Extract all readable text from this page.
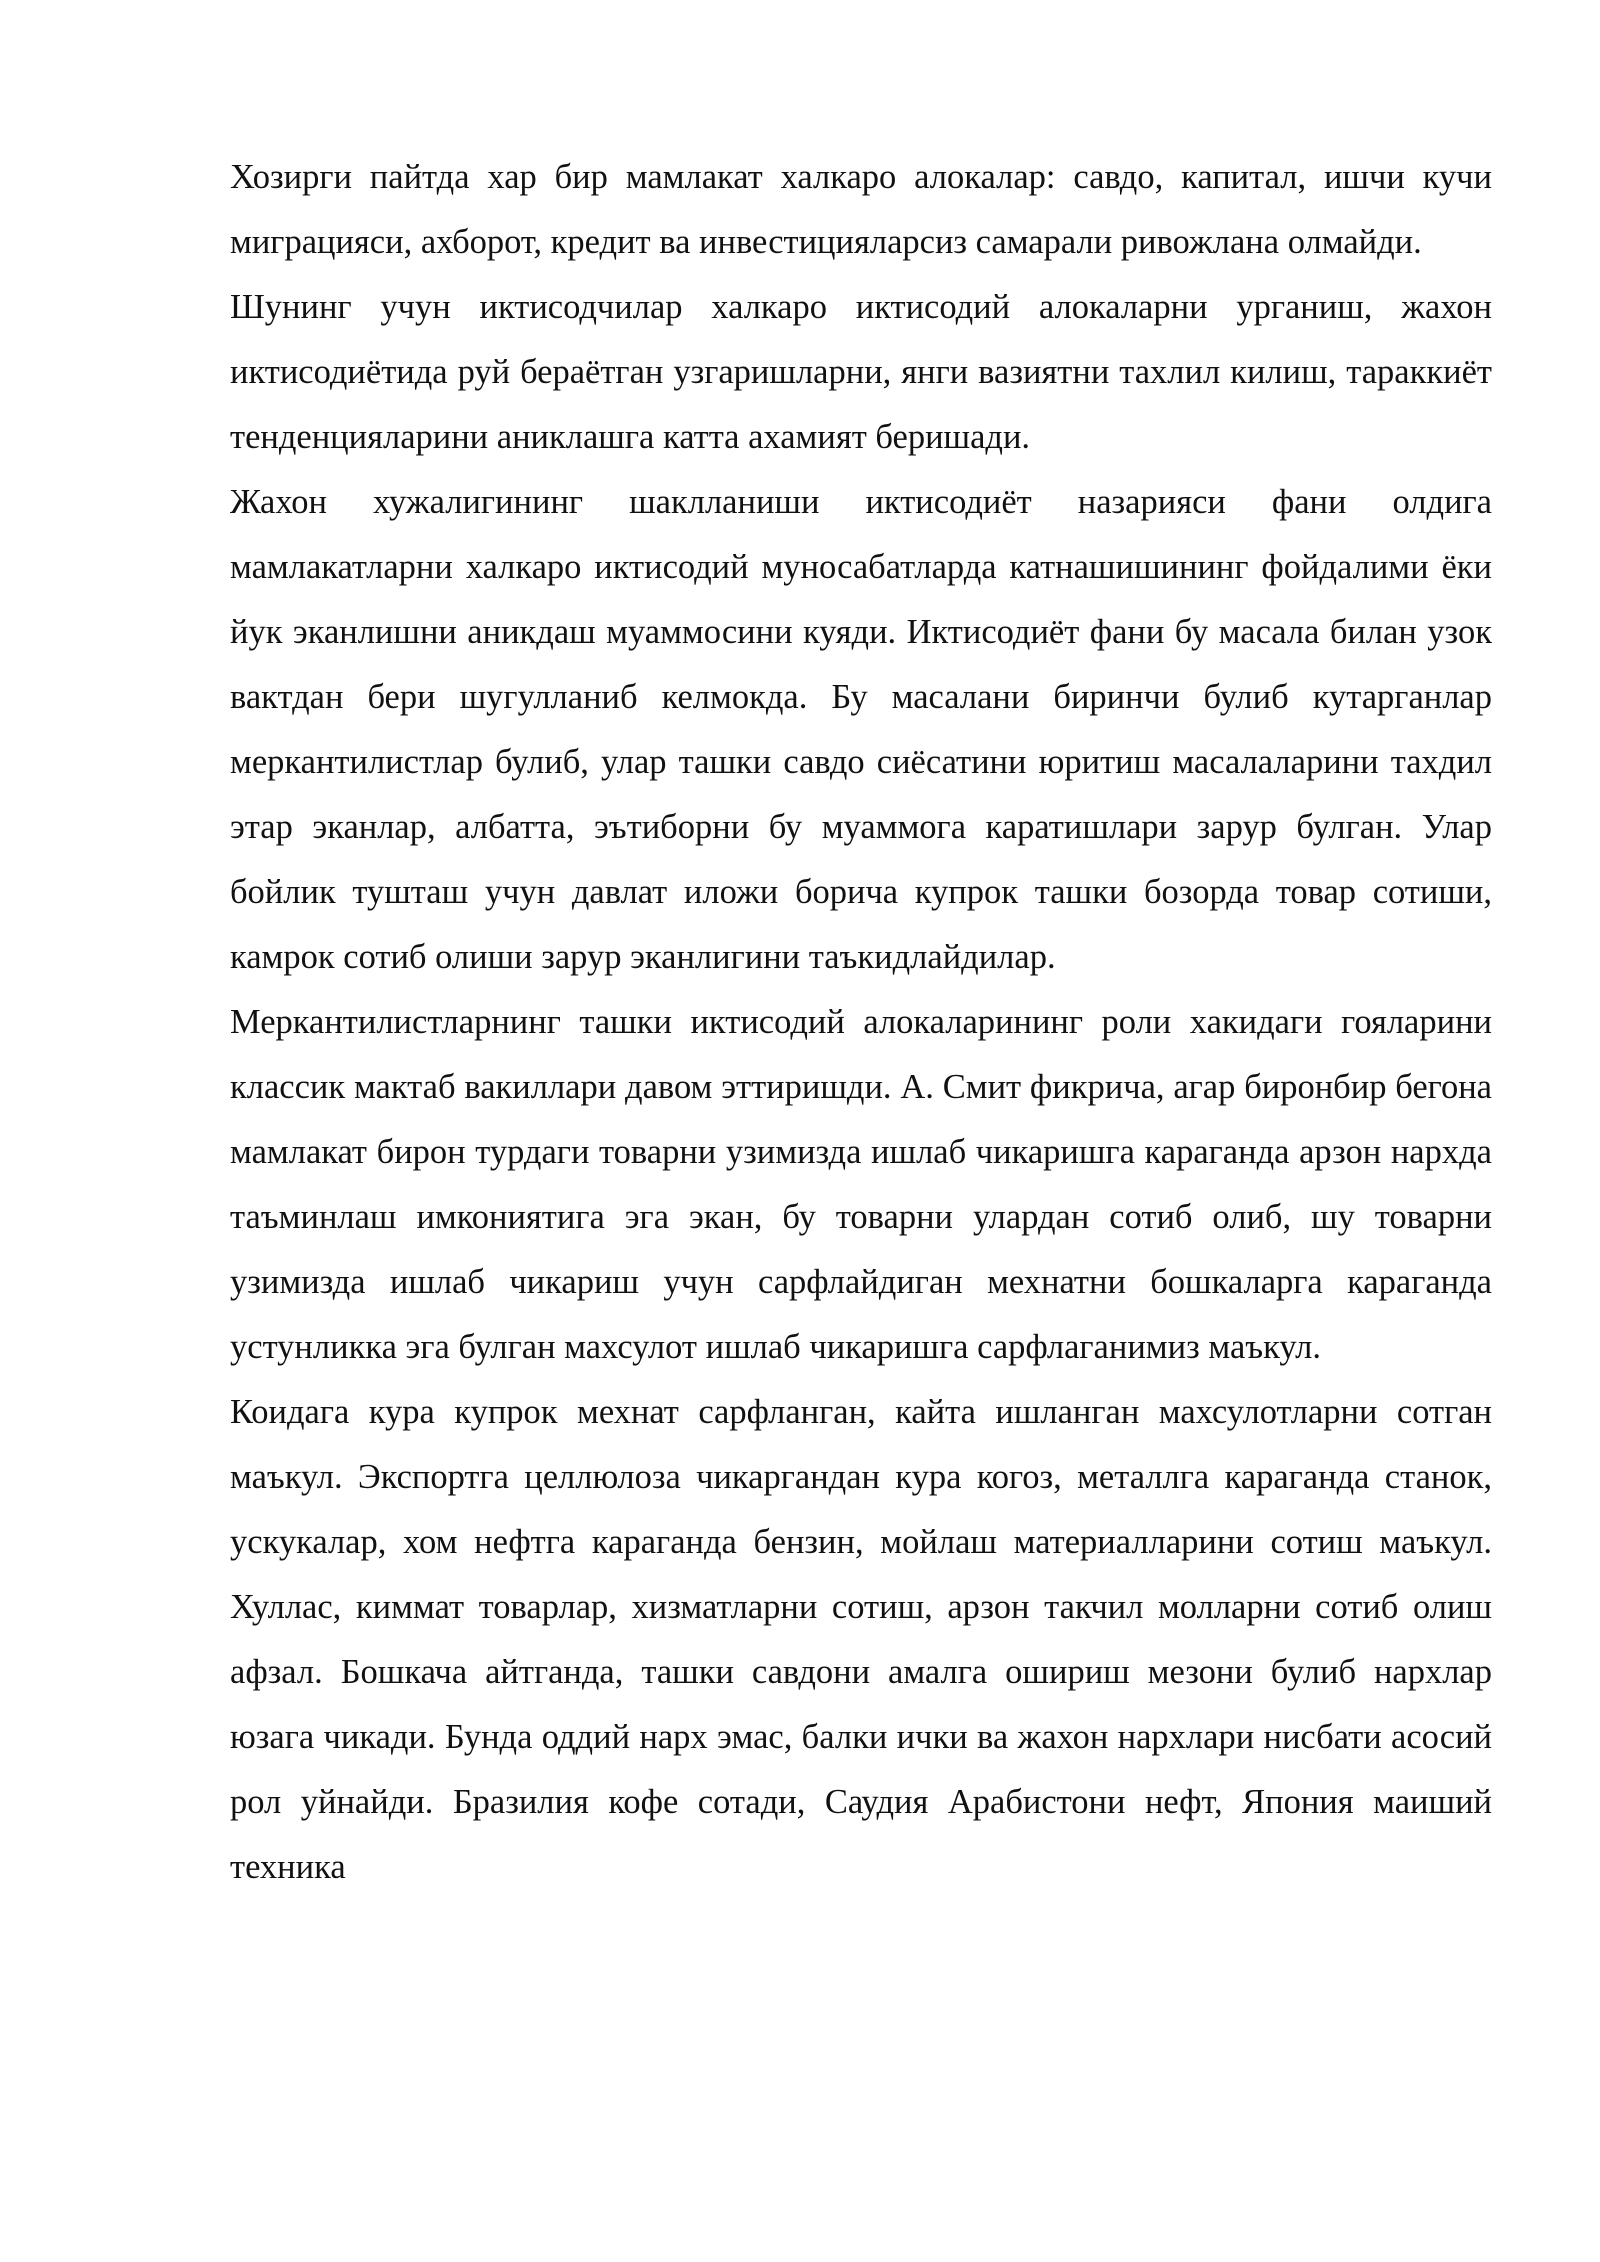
Хозирги пайтда хар бир мамлакат халкаро алокалар: савдо, капитал, ишчи кучи миграцияси, ахборот, кредит ва инвестицияларсиз самарали ривожлана олмайди.

Шунинг учун иктисодчилар халкаро иктисодий алокаларни урганиш, жахон иктисодиётида руй бераётган узгаришларни, янги вазиятни тахлил килиш, тараккиёт тенденцияларини аниклашга катта ахамият беришади.

Жахон хужалигининг шаклланиши иктисодиёт назарияси фани олдига мамлакатларни халкаро иктисодий муносабатларда катнашишининг фойдалими ёки йук эканлишни аникдаш муаммосини куяди. Иктисодиёт фани бу масала билан узок вактдан бери шугулланиб келмокда. Бу масалани биринчи булиб кутарганлар меркантилистлар булиб, улар ташки савдо сиёсатини юритиш масалаларини тахдил этар эканлар, албатта, эътиборни бу муаммога каратишлари зарур булган. Улар бойлик тушташ учун давлат иложи борича купрок ташки бозорда товар сотиши, камрок сотиб олиши зарур эканлигини таъкидлайдилар.

Меркантилистларнинг ташки иктисодий алокаларининг роли хакидаги гояларини классик мактаб вакиллари давом эттиришди. А. Смит фикрича, агар биронбир бегона мамлакат бирон турдаги товарни узимизда ишлаб чикаришга караганда арзон нархда таъминлаш имкониятига эга экан, бу товарни улардан сотиб олиб, шу товарни узимизда ишлаб чикариш учун сарфлайдиган мехнатни бошкаларга караганда устунликка эга булган махсулот ишлаб чикаришга сарфлаганимиз маъкул.

Коидага кура купрок мехнат сарфланган, кайта ишланган махсулотларни сотган маъкул. Экспортга целлюлоза чикаргандан кура когоз, металлга караганда станок, ускукалар, хом нефтга караганда бензин, мойлаш материалларини сотиш маъкул. Хуллас, киммат товарлар, хизматларни сотиш, арзон такчил молларни сотиб олиш афзал. Бошкача айтганда, ташки савдони амалга ошириш мезони булиб нархлар юзага чикади. Бунда оддий нарх эмас, балки ички ва жахон нархлари нисбати асосий рол уйнайди. Бразилия кофе сотади, Саудия Арабистони нефт, Япония маиший техника
